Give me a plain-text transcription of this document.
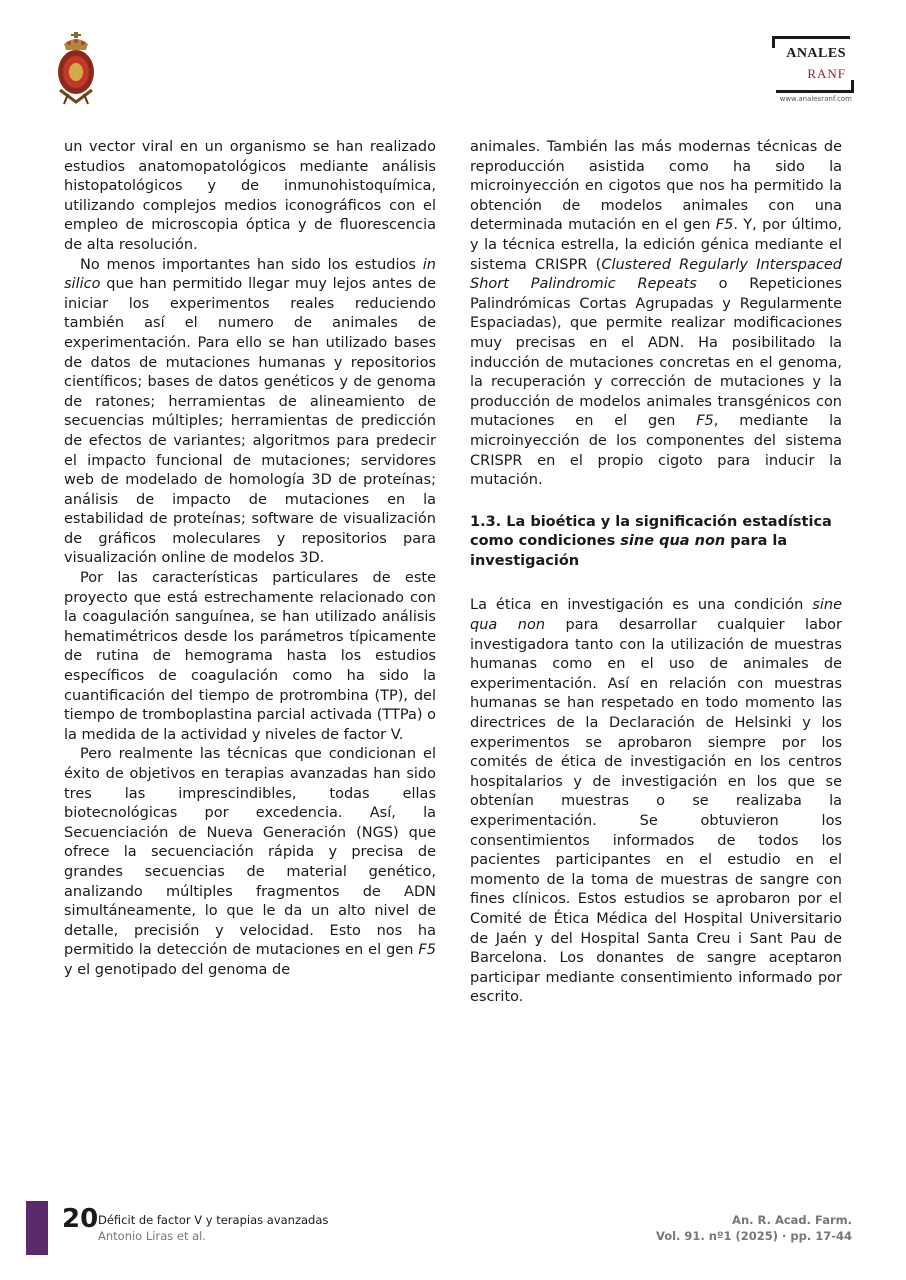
ANALES
RANF
www.analesranf.com

un vector viral en un organismo se han realizado estudios anatomopatológicos mediante análisis histopatológicos y de inmunohistoquímica, utilizando complejos medios iconográficos con el empleo de microscopia óptica y de fluorescencia de alta resolución.

No menos importantes han sido los estudios in silico que han permitido llegar muy lejos antes de iniciar los experimentos reales reduciendo también así el numero de animales de experimentación. Para ello se han utilizado bases de datos de mutaciones humanas y repositorios científicos; bases de datos genéticos y de genoma de ratones; herramientas de alineamiento de secuencias múltiples; herramientas de predicción de efectos de variantes; algoritmos para predecir el impacto funcional de mutaciones; servidores web de modelado de homología 3D de proteínas; análisis de impacto de mutaciones en la estabilidad de proteínas; software de visualización de gráficos moleculares y repositorios para visualización online de modelos 3D.

Por las características particulares de este proyecto que está estrechamente relacionado con la coagulación sanguínea, se han utilizado análisis hematimétricos desde los parámetros típicamente de rutina de hemograma hasta los estudios específicos de coagulación como ha sido la cuantificación del tiempo de protrombina (TP), del tiempo de tromboplastina parcial activada (TTPa) o la medida de la actividad y niveles de factor V.

Pero realmente las técnicas que condicionan el éxito de objetivos en terapias avanzadas han sido tres las imprescindibles, todas ellas biotecnológicas por excedencia. Así, la Secuenciación de Nueva Generación (NGS) que ofrece la secuenciación rápida y precisa de grandes secuencias de material genético, analizando múltiples fragmentos de ADN simultáneamente, lo que le da un alto nivel de detalle, precisión y velocidad. Esto nos ha permitido la detección de mutaciones en el gen F5 y el genotipado del genoma de

animales. También las más modernas técnicas de reproducción asistida como ha sido la microinyección en cigotos que nos ha permitido la obtención de modelos animales con una determinada mutación en el gen F5. Y, por último, y la técnica estrella, la edición génica mediante el sistema CRISPR (Clustered Regularly Interspaced Short Palindromic Repeats o Repeticiones Palindrómicas Cortas Agrupadas y Regularmente Espaciadas), que permite realizar modificaciones muy precisas en el ADN. Ha posibilitado la inducción de mutaciones concretas en el genoma, la recuperación y corrección de mutaciones y la producción de modelos animales transgénicos con mutaciones en el gen F5, mediante la microinyección de los componentes del sistema CRISPR en el propio cigoto para inducir la mutación.

1.3. La bioética y la significación estadística como condiciones sine qua non para la investigación

La ética en investigación es una condición sine qua non para desarrollar cualquier labor investigadora tanto con la utilización de muestras humanas como en el uso de animales de experimentación. Así en relación con muestras humanas se han respetado en todo momento las directrices de la Declaración de Helsinki y los experimentos se aprobaron siempre por los comités de ética de investigación en los centros hospitalarios y de investigación en los que se obtenían muestras o se realizaba la experimentación. Se obtuvieron los consentimientos informados de todos los pacientes participantes en el estudio en el momento de la toma de muestras de sangre con fines clínicos. Estos estudios se aprobaron por el Comité de Ética Médica del Hospital Universitario de Jaén y del Hospital Santa Creu i Sant Pau de Barcelona. Los donantes de sangre aceptaron participar mediante consentimiento informado por escrito.

20 Déficit de factor V y terapias avanzadas
Antonio Liras et al.
An. R. Acad. Farm.
Vol. 91. nº1 (2025) · pp. 17-44
